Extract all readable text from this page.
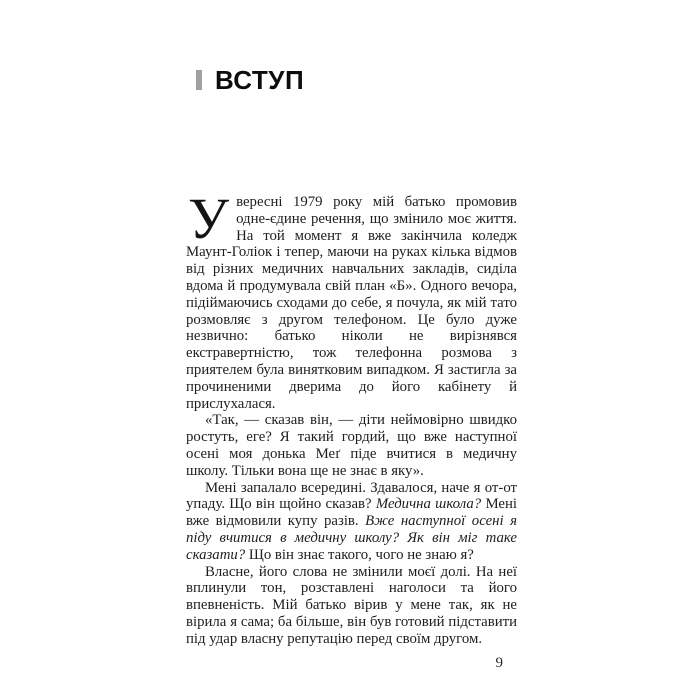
ВСТУП

Увересні 1979 року мій батько промовив одне-єдине речення, що змінило моє життя. На той момент я вже закінчила коледж Маунт-Голіок і тепер, маючи на руках кілька відмов від різних медичних навчальних закладів, сиділа вдома й продумувала свій план «Б». Одного вечора, підіймаючись сходами до себе, я почула, як мій тато розмовляє з другом телефоном. Це було дуже незвично: батько ніколи не вирізнявся екстравертністю, тож телефонна розмова з приятелем була винятковим випадком. Я застигла за прочиненими дверима до його кабінету й прислухалася.

«Так, — сказав він, — діти неймовірно швидко ростуть, еге? Я такий гордий, що вже наступної осені моя донька Меґ піде вчитися в медичну школу. Тільки вона ще не знає в яку».

Мені запалало всередині. Здавалося, наче я от-от упаду. Що він щойно сказав? Медична школа? Мені вже відмовили купу разів. Вже наступної осені я піду вчитися в медичну школу? Як він міг таке сказати? Що він знає такого, чого не знаю я?

Власне, його слова не змінили моєї долі. На неї вплинули тон, розставлені наголоси та його впевненість. Мій батько вірив у мене так, як не вірила я сама; ба більше, він був готовий підставити під удар власну репутацію перед своїм другом.

9
